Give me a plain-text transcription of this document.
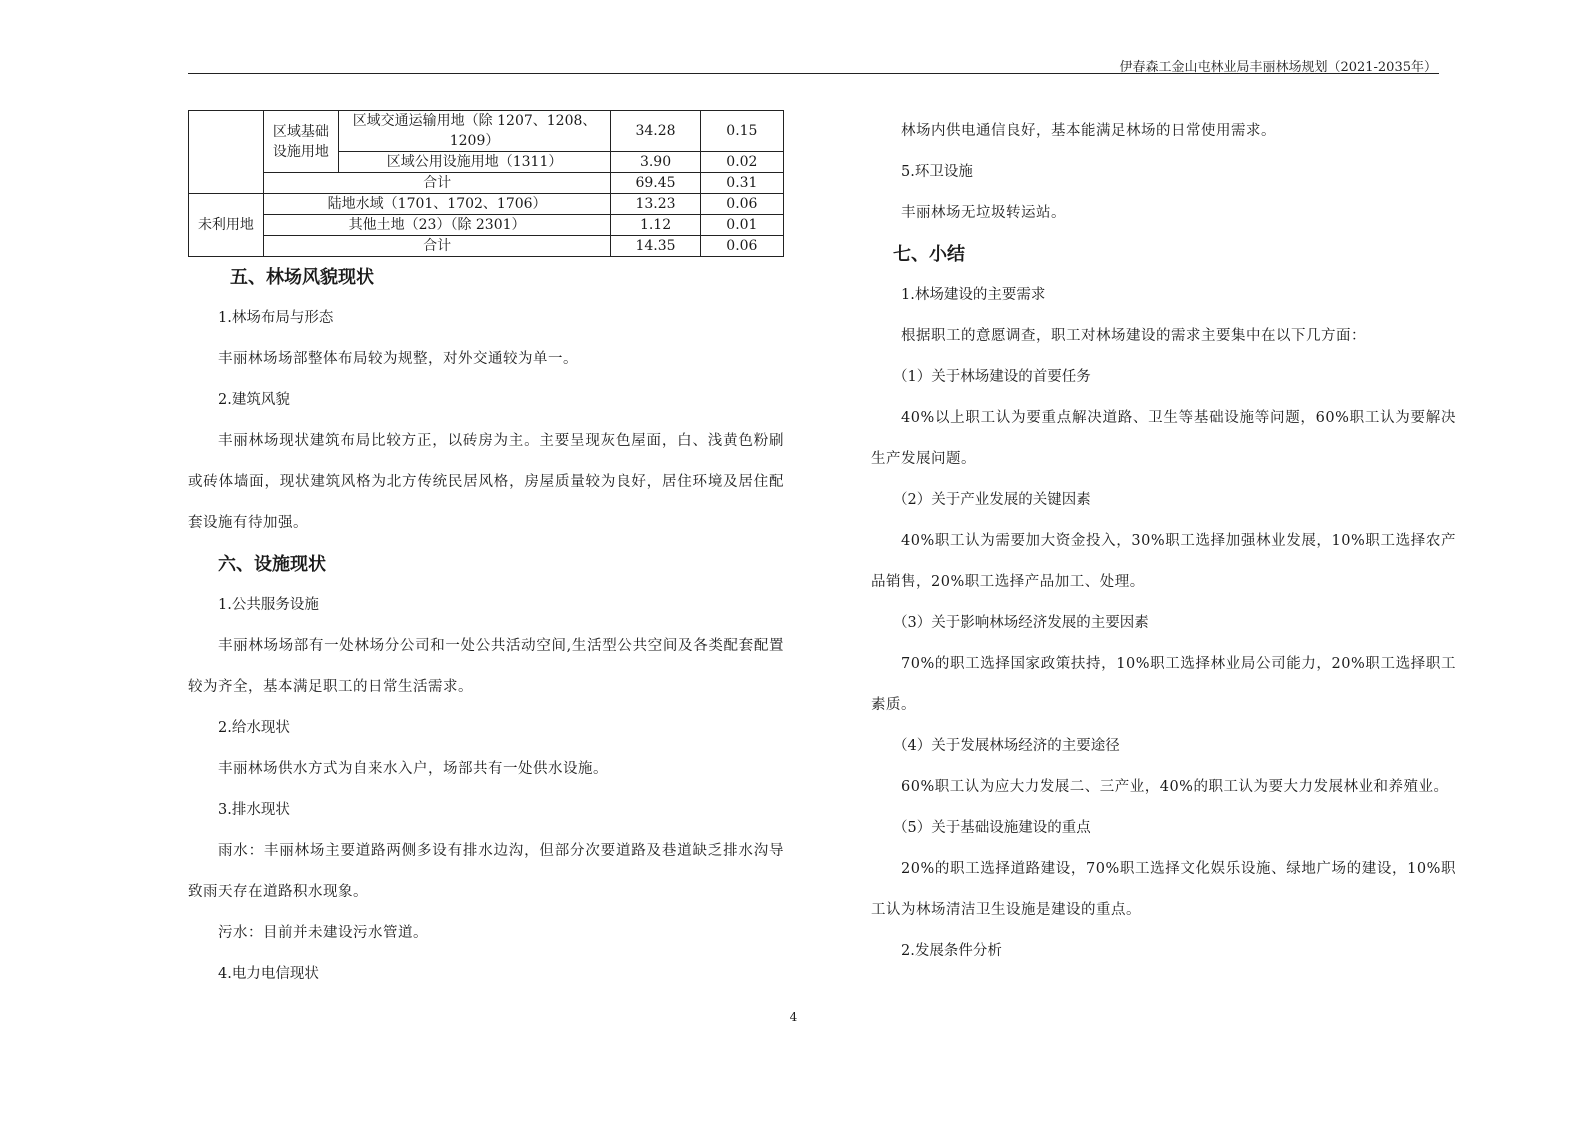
伊春森工金山屯林业局丰丽林场规划（2021-2035年）
	区域基础设施用地	区域交通运输用地（除 1207、1208、1209）	34.28	0.15
		区域公用设施用地（1311）	3.90	0.02
	合计		69.45	0.31
未利用地	陆地水域（1701、1702、1706）		13.23	0.06
	其他土地（23）（除 2301）		1.12	0.01
	合计		14.35	0.06

五、林场风貌现状

1.林场布局与形态

丰丽林场场部整体布局较为规整，对外交通较为单一。

2.建筑风貌

丰丽林场现状建筑布局比较方正，以砖房为主。主要呈现灰色屋面，白、浅黄色粉刷或砖体墙面，现状建筑风格为北方传统民居风格，房屋质量较为良好，居住环境及居住配套设施有待加强。

六、设施现状

1.公共服务设施

丰丽林场场部有一处林场分公司和一处公共活动空间,生活型公共空间及各类配套配置较为齐全，基本满足职工的日常生活需求。

2.给水现状

丰丽林场供水方式为自来水入户，场部共有一处供水设施。

3.排水现状

雨水：丰丽林场主要道路两侧多设有排水边沟，但部分次要道路及巷道缺乏排水沟导致雨天存在道路积水现象。

污水：目前并未建设污水管道。

4.电力电信现状

林场内供电通信良好，基本能满足林场的日常使用需求。

5.环卫设施

丰丽林场无垃圾转运站。

七、小结

1.林场建设的主要需求

根据职工的意愿调查，职工对林场建设的需求主要集中在以下几方面：

（1）关于林场建设的首要任务

40%以上职工认为要重点解决道路、卫生等基础设施等问题，60%职工认为要解决生产发展问题。

（2）关于产业发展的关键因素

40%职工认为需要加大资金投入，30%职工选择加强林业发展，10%职工选择农产品销售，20%职工选择产品加工、处理。

（3）关于影响林场经济发展的主要因素

70%的职工选择国家政策扶持，10%职工选择林业局公司能力，20%职工选择职工素质。

（4）关于发展林场经济的主要途径

60%职工认为应大力发展二、三产业，40%的职工认为要大力发展林业和养殖业。

（5）关于基础设施建设的重点

20%的职工选择道路建设，70%职工选择文化娱乐设施、绿地广场的建设，10%职工认为林场清洁卫生设施是建设的重点。

2.发展条件分析

4
